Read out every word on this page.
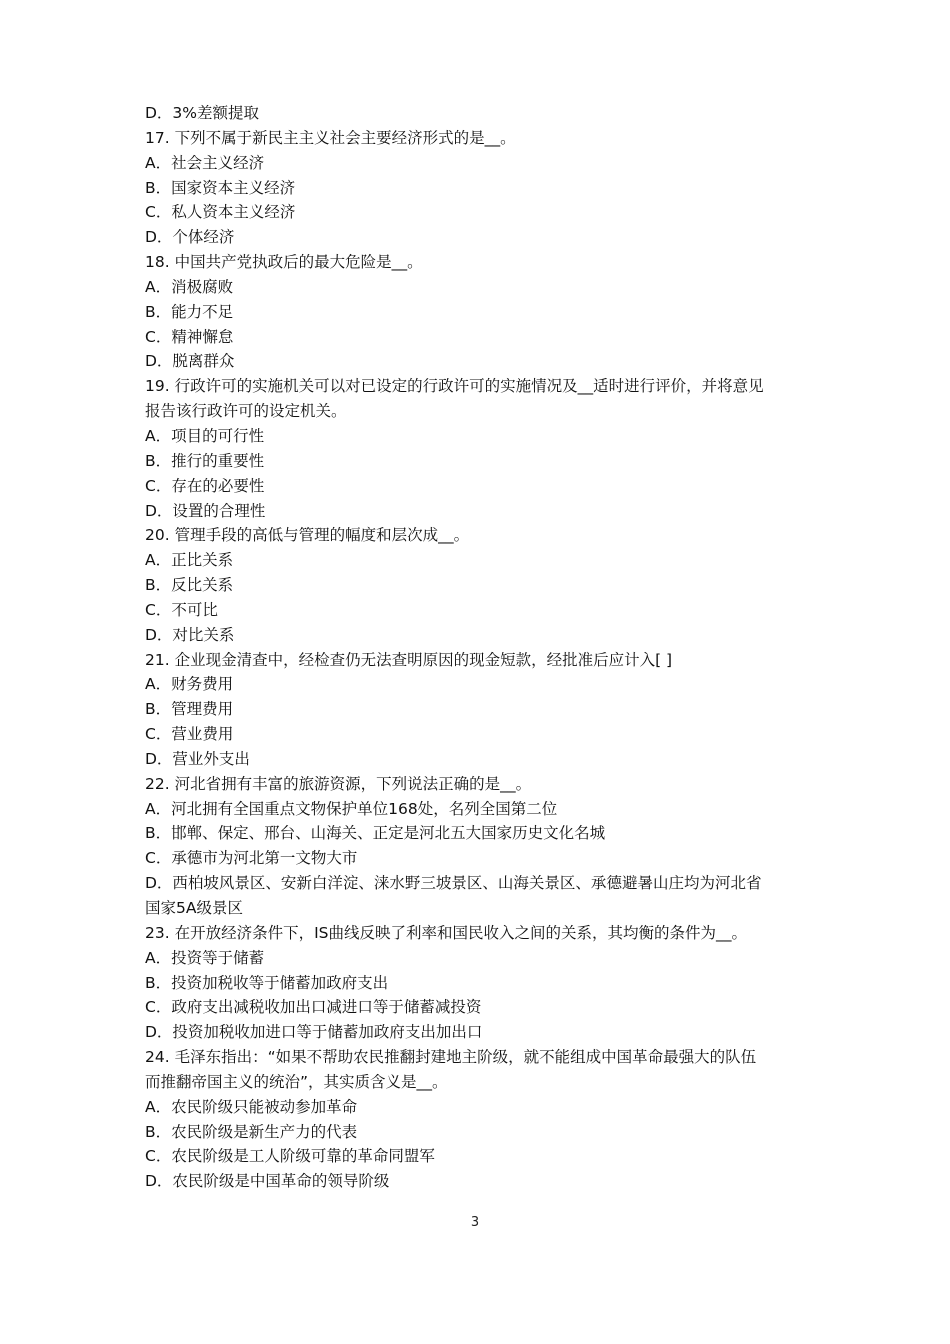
D．3%差额提取
17. 下列不属于新民主主义社会主要经济形式的是__。
A．社会主义经济
B．国家资本主义经济
C．私人资本主义经济
D．个体经济
18. 中国共产党执政后的最大危险是__。
A．消极腐败
B．能力不足
C．精神懈怠
D．脱离群众
19. 行政许可的实施机关可以对已设定的行政许可的实施情况及__适时进行评价，并将意见
报告该行政许可的设定机关。
A．项目的可行性
B．推行的重要性
C．存在的必要性
D．设置的合理性
20. 管理手段的高低与管理的幅度和层次成__。
A．正比关系
B．反比关系
C．不可比
D．对比关系
21. 企业现金清查中，经检查仍无法查明原因的现金短款，经批准后应计入[ ]
A．财务费用
B．管理费用
C．营业费用
D．营业外支出
22. 河北省拥有丰富的旅游资源，下列说法正确的是__。
A．河北拥有全国重点文物保护单位168处，名列全国第二位
B．邯郸、保定、邢台、山海关、正定是河北五大国家历史文化名城
C．承德市为河北第一文物大市
D．西柏坡风景区、安新白洋淀、涞水野三坡景区、山海关景区、承德避暑山庄均为河北省
国家5A级景区
23. 在开放经济条件下，IS曲线反映了利率和国民收入之间的关系，其均衡的条件为__。
A．投资等于储蓄
B．投资加税收等于储蓄加政府支出
C．政府支出减税收加出口减进口等于储蓄减投资
D．投资加税收加进口等于储蓄加政府支出加出口
24. 毛泽东指出：“如果不帮助农民推翻封建地主阶级，就不能组成中国革命最强大的队伍
而推翻帝国主义的统治”，其实质含义是__。
A．农民阶级只能被动参加革命
B．农民阶级是新生产力的代表
C．农民阶级是工人阶级可靠的革命同盟军
D．农民阶级是中国革命的领导阶级
3
